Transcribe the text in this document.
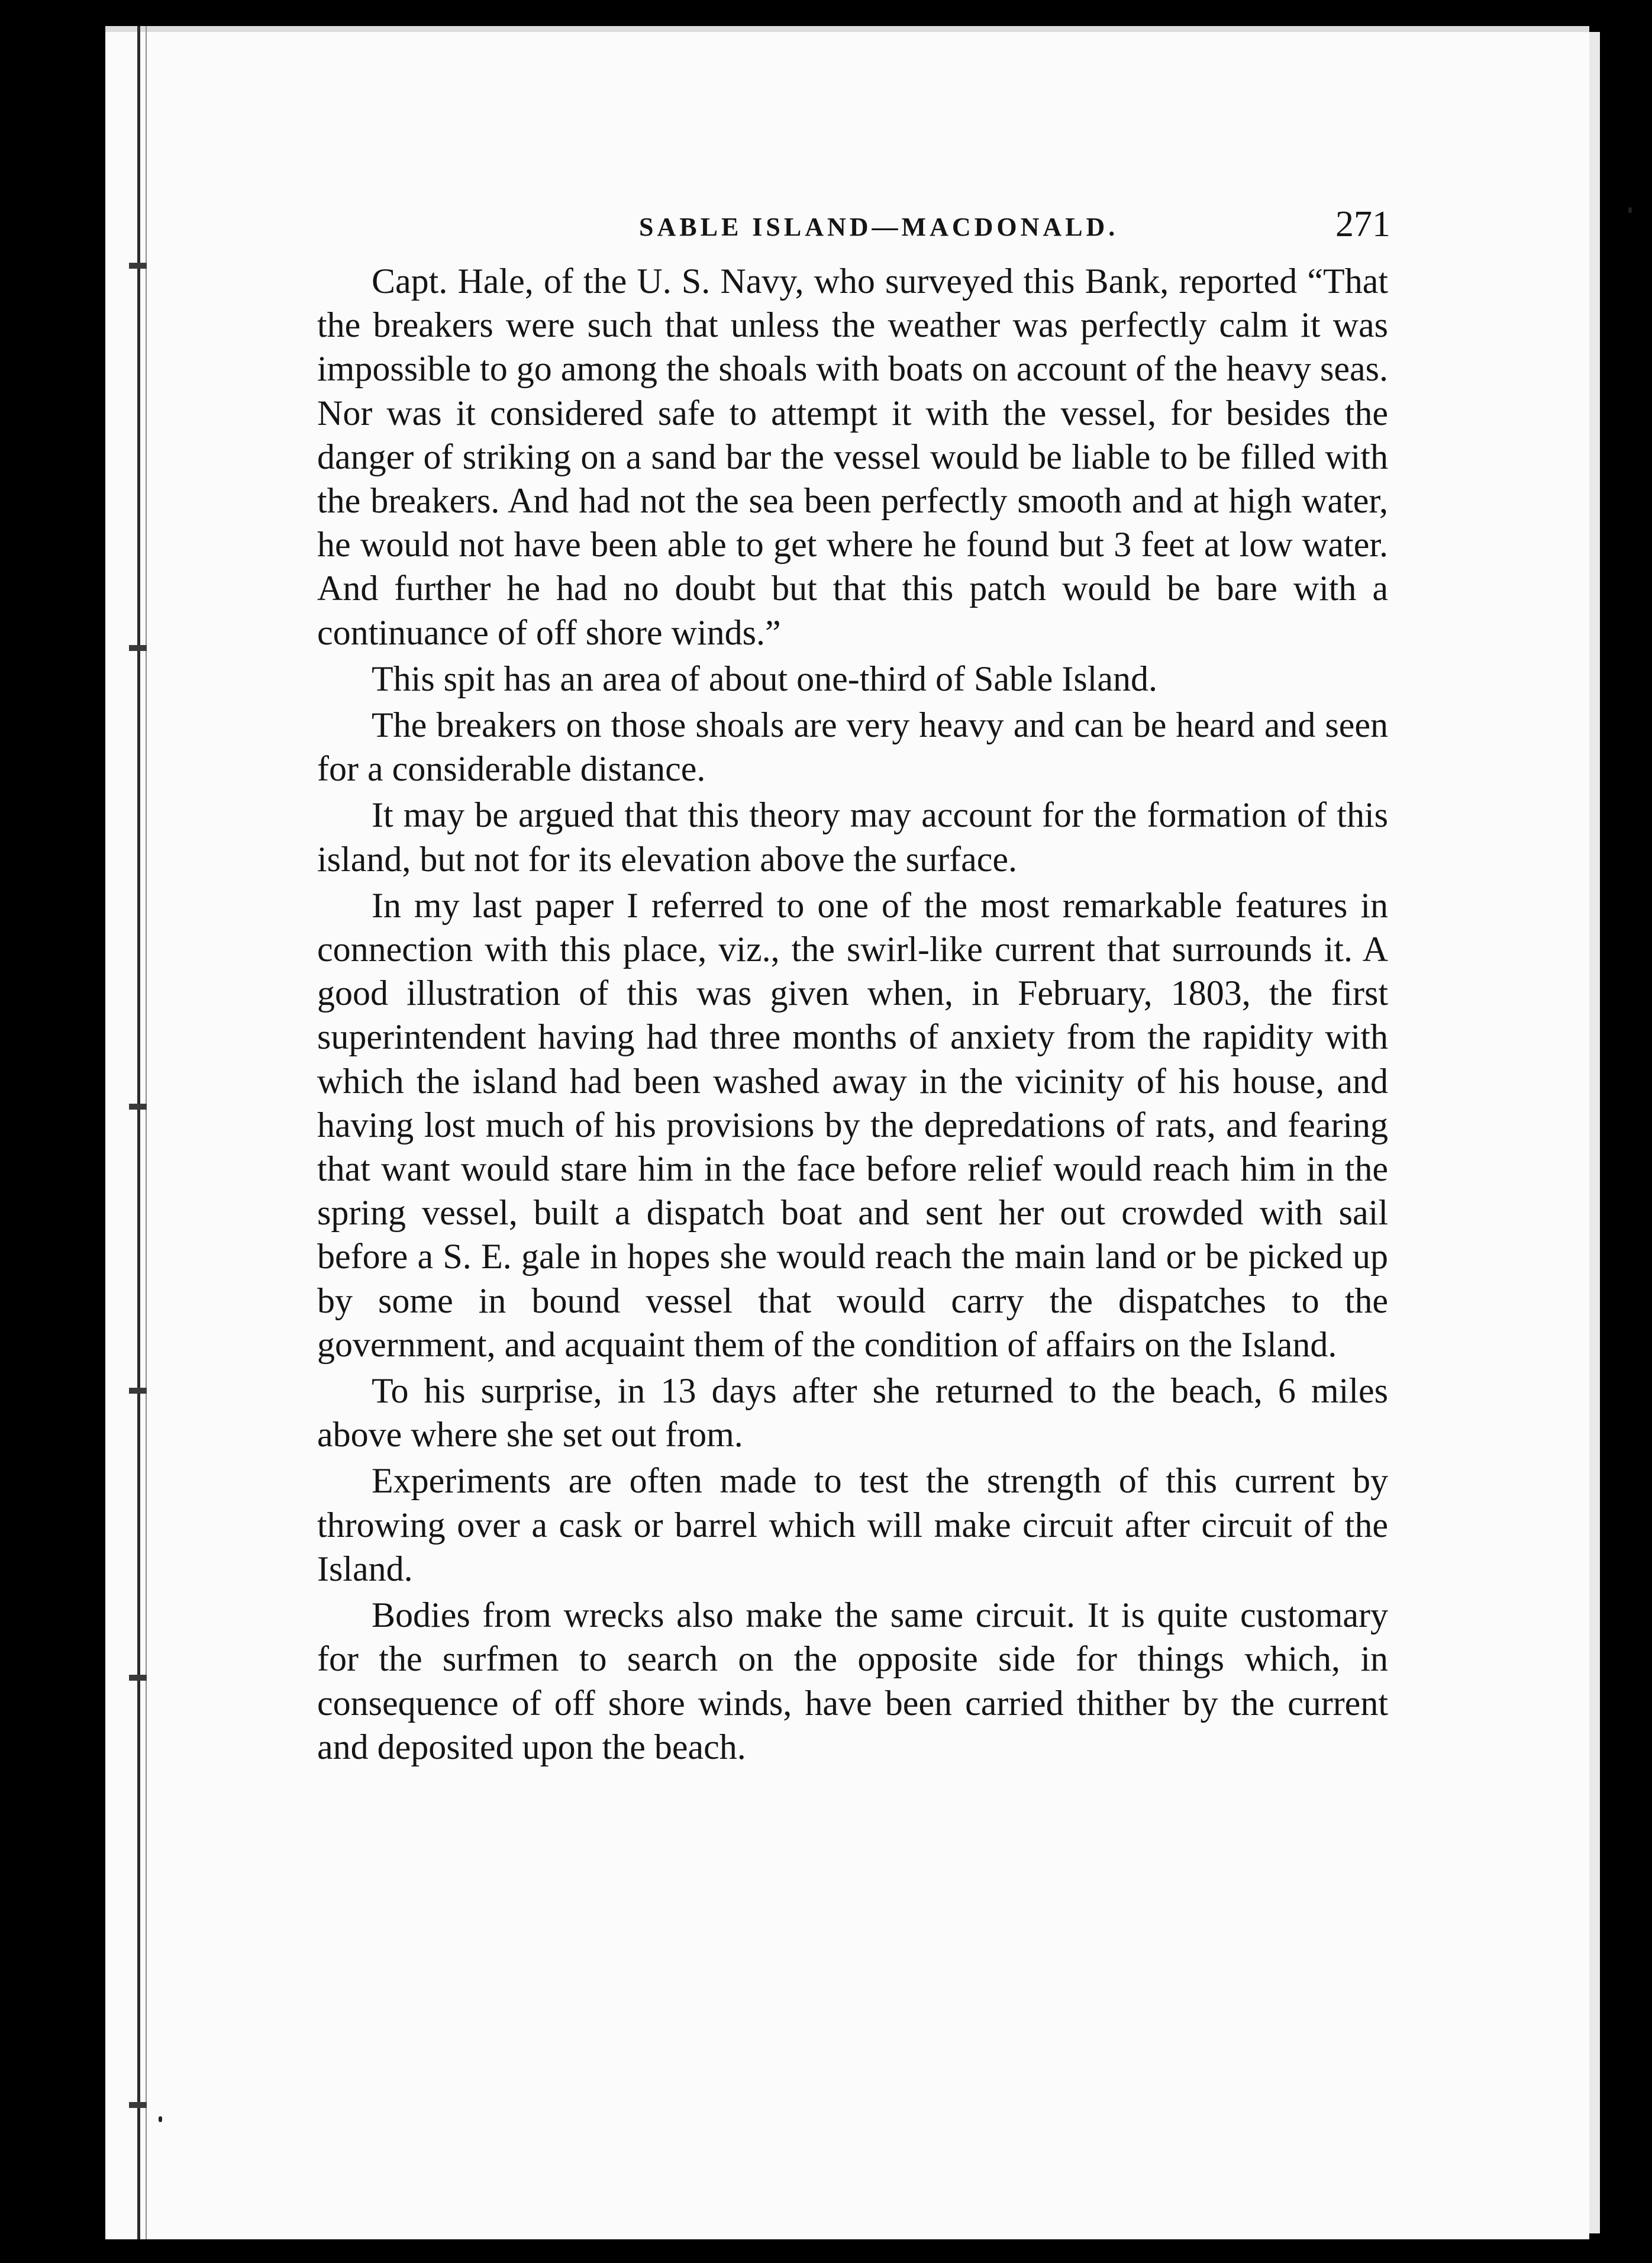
SABLE ISLAND—MACDONALD.	271

Capt. Hale, of the U. S. Navy, who surveyed this Bank, reported “That the breakers were such that unless the weather was perfectly calm it was impossible to go among the shoals with boats on account of the heavy seas. Nor was it considered safe to attempt it with the vessel, for besides the danger of striking on a sand bar the vessel would be liable to be filled with the breakers. And had not the sea been perfectly smooth and at high water, he would not have been able to get where he found but 3 feet at low water. And further he had no doubt but that this patch would be bare with a continuance of off shore winds.”

This spit has an area of about one-third of Sable Island.

The breakers on those shoals are very heavy and can be heard and seen for a considerable distance.

It may be argued that this theory may account for the formation of this island, but not for its elevation above the surface.

In my last paper I referred to one of the most remarkable features in connection with this place, viz., the swirl-like current that surrounds it. A good illustration of this was given when, in February, 1803, the first superintendent having had three months of anxiety from the rapidity with which the island had been washed away in the vicinity of his house, and having lost much of his provisions by the depredations of rats, and fearing that want would stare him in the face before relief would reach him in the spring vessel, built a dispatch boat and sent her out crowded with sail before a S. E. gale in hopes she would reach the main land or be picked up by some in bound vessel that would carry the dispatches to the government, and acquaint them of the condition of affairs on the Island.

To his surprise, in 13 days after she returned to the beach, 6 miles above where she set out from.

Experiments are often made to test the strength of this current by throwing over a cask or barrel which will make circuit after circuit of the Island.

Bodies from wrecks also make the same circuit. It is quite customary for the surfmen to search on the opposite side for things which, in consequence of off shore winds, have been carried thither by the current and deposited upon the beach.
